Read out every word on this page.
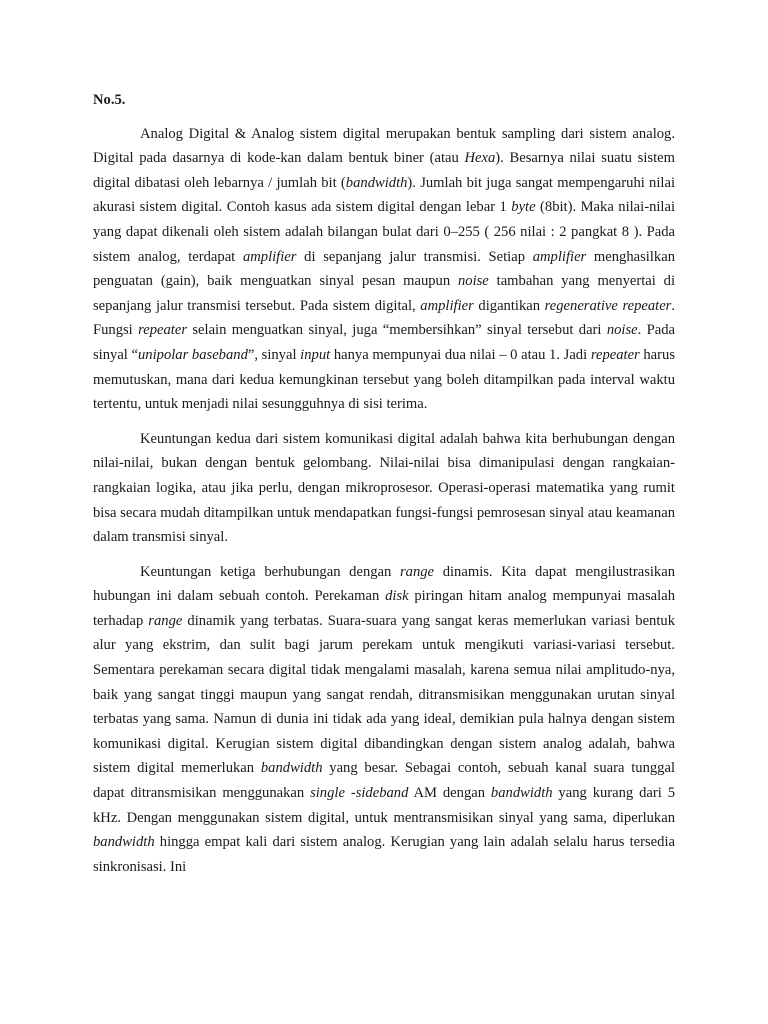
No.5.

Analog Digital & Analog sistem digital merupakan bentuk sampling dari sistem analog. Digital pada dasarnya di kode-kan dalam bentuk biner (atau Hexa). Besarnya nilai suatu sistem digital dibatasi oleh lebarnya / jumlah bit (bandwidth). Jumlah bit juga sangat mempengaruhi nilai akurasi sistem digital. Contoh kasus ada sistem digital dengan lebar 1 byte (8bit). Maka nilai-nilai yang dapat dikenali oleh sistem adalah bilangan bulat dari 0–255 ( 256 nilai : 2 pangkat 8 ). Pada sistem analog, terdapat amplifier di sepanjang jalur transmisi. Setiap amplifier menghasilkan penguatan (gain), baik menguatkan sinyal pesan maupun noise tambahan yang menyertai di sepanjang jalur transmisi tersebut. Pada sistem digital, amplifier digantikan regenerative repeater. Fungsi repeater selain menguatkan sinyal, juga “membersihkan” sinyal tersebut dari noise. Pada sinyal “unipolar baseband”, sinyal input hanya mempunyai dua nilai – 0 atau 1. Jadi repeater harus memutuskan, mana dari kedua kemungkinan tersebut yang boleh ditampilkan pada interval waktu tertentu, untuk menjadi nilai sesungguhnya di sisi terima.

Keuntungan kedua dari sistem komunikasi digital adalah bahwa kita berhubungan dengan nilai-nilai, bukan dengan bentuk gelombang. Nilai-nilai bisa dimanipulasi dengan rangkaian-rangkaian logika, atau jika perlu, dengan mikroprosesor. Operasi-operasi matematika yang rumit bisa secara mudah ditampilkan untuk mendapatkan fungsi-fungsi pemrosesan sinyal atau keamanan dalam transmisi sinyal.

Keuntungan ketiga berhubungan dengan range dinamis. Kita dapat mengilustrasikan hubungan ini dalam sebuah contoh. Perekaman disk piringan hitam analog mempunyai masalah terhadap range dinamik yang terbatas. Suara-suara yang sangat keras memerlukan variasi bentuk alur yang ekstrim, dan sulit bagi jarum perekam untuk mengikuti variasi-variasi tersebut. Sementara perekaman secara digital tidak mengalami masalah, karena semua nilai amplitudo-nya, baik yang sangat tinggi maupun yang sangat rendah, ditransmisikan menggunakan urutan sinyal terbatas yang sama. Namun di dunia ini tidak ada yang ideal, demikian pula halnya dengan sistem komunikasi digital. Kerugian sistem digital dibandingkan dengan sistem analog adalah, bahwa sistem digital memerlukan bandwidth yang besar. Sebagai contoh, sebuah kanal suara tunggal dapat ditransmisikan menggunakan single -sideband AM dengan bandwidth yang kurang dari 5 kHz. Dengan menggunakan sistem digital, untuk mentransmisikan sinyal yang sama, diperlukan bandwidth hingga empat kali dari sistem analog. Kerugian yang lain adalah selalu harus tersedia sinkronisasi. Ini
